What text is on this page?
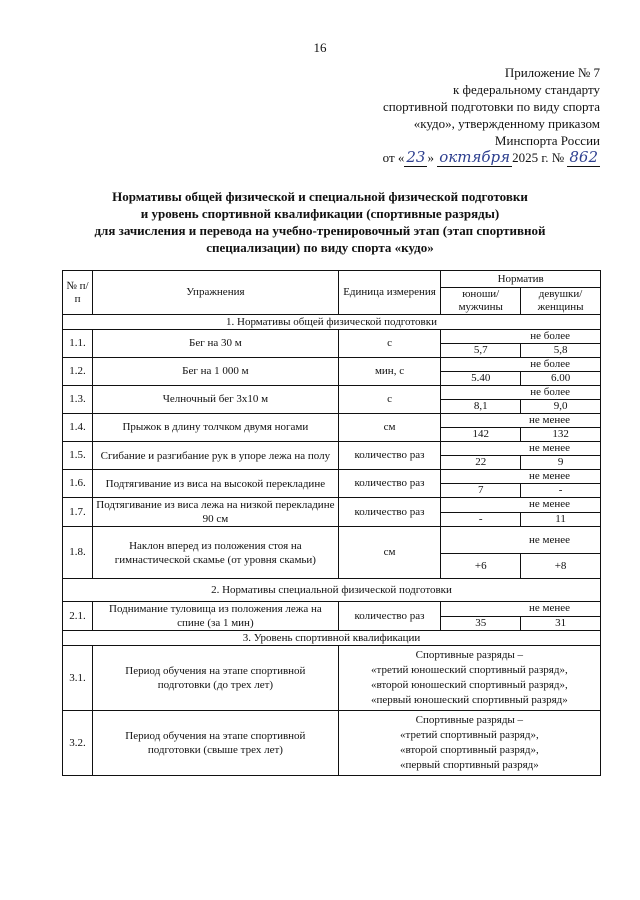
16
Приложение № 7
к федеральному стандарту
спортивной подготовки по виду спорта
«кудо», утвержденному приказом
Минспорта России
от « 23 » октября 2025 г. № 862
Нормативы общей физической и специальной физической подготовки
и уровень спортивной квалификации (спортивные разряды)
для зачисления и перевода на учебно-тренировочный этап (этап спортивной
специализации) по виду спорта «кудо»
№ п/п	Упражнения	Единица измерения	Норматив	
			юноши/ мужчины	девушки/ женщины
1. Нормативы общей физической подготовки				
1.1.	Бег на 30 м	с	не более	
			5,7	5,8
1.2.	Бег на 1 000 м	мин, с	не более	
			5.40	6.00
1.3.	Челночный бег 3х10 м	с	не более	
			8,1	9,0
1.4.	Прыжок в длину толчком двумя ногами	см	не менее	
			142	132
1.5.	Сгибание и разгибание рук в упоре лежа на полу	количество раз	не менее	
			22	9
1.6.	Подтягивание из виса на высокой перекладине	количество раз	не менее	
			7	-
1.7.	Подтягивание из виса лежа на низкой перекладине 90 см	количество раз	не менее	
			-	11
1.8.	Наклон вперед из положения стоя на гимнастической скамье (от уровня скамьи)	см	не менее	
			+6	+8
2. Нормативы специальной физической подготовки				
2.1.	Поднимание туловища из положения лежа на спине (за 1 мин)	количество раз	не менее	
			35	31
3. Уровень спортивной квалификации				
3.1.	Период обучения на этапе спортивной подготовки (до трех лет)	Спортивные разряды –
«третий юношеский спортивный разряд»,
«второй юношеский спортивный разряд»,
«первый юношеский спортивный разряд»		

3.2.	Период обучения на этапе спортивной подготовки (свыше трех лет)	Спортивные разряды –
«третий спортивный разряд»,
«второй спортивный разряд»,
«первый спортивный разряд»		
